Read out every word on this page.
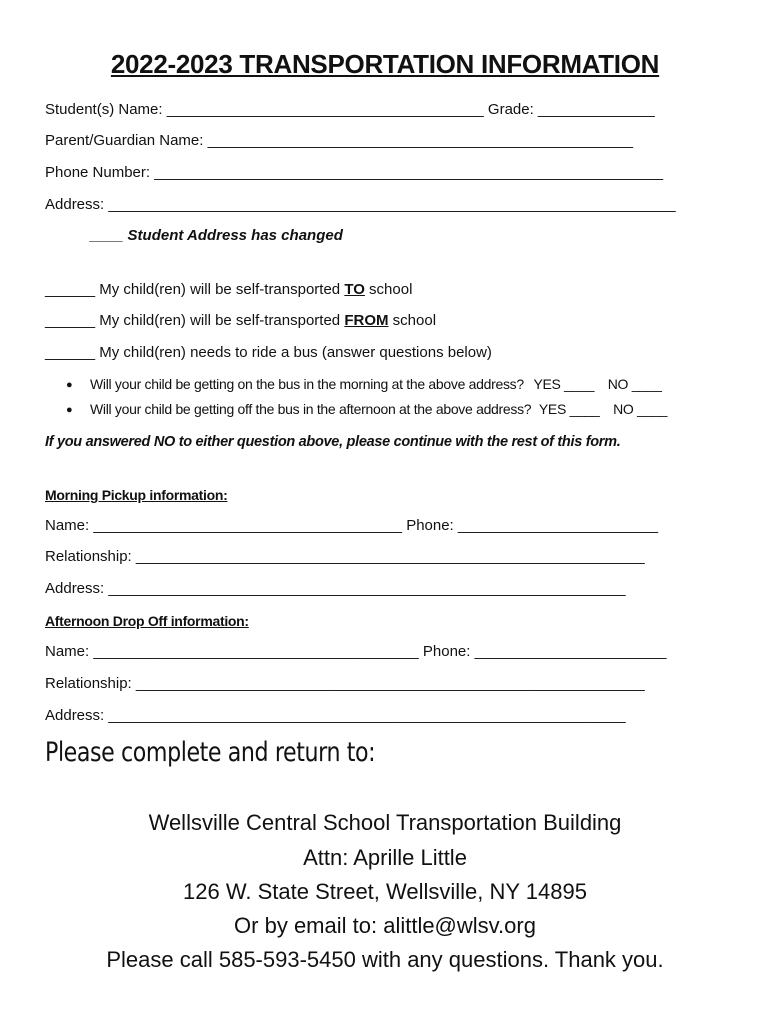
2022-2023 TRANSPORTATION INFORMATION
Student(s) Name: ______________________________________ Grade: ______________
Parent/Guardian Name: ___________________________________________________
Phone Number: _____________________________________________________________
Address: ____________________________________________________________________
____ Student Address has changed
______ My child(ren) will be self-transported TO school
______ My child(ren) will be self-transported FROM school
______ My child(ren) needs to ride a bus (answer questions below)
● Will your child be getting on the bus in the morning at the above address? YES ____ NO ____
● Will your child be getting off the bus in the afternoon at the above address? YES ____ NO ____
If you answered NO to either question above, please continue with the rest of this form.
Morning Pickup information:
Name: _____________________________________ Phone: ________________________
Relationship: _____________________________________________________________
Address: ______________________________________________________________
Afternoon Drop Off information:
Name: _______________________________________ Phone: _______________________
Relationship: _____________________________________________________________
Address: ______________________________________________________________
Please complete and return to:
Wellsville Central School Transportation Building
Attn: Aprille Little
126 W. State Street, Wellsville, NY 14895
Or by email to: alittle@wlsv.org
Please call 585-593-5450 with any questions. Thank you.
